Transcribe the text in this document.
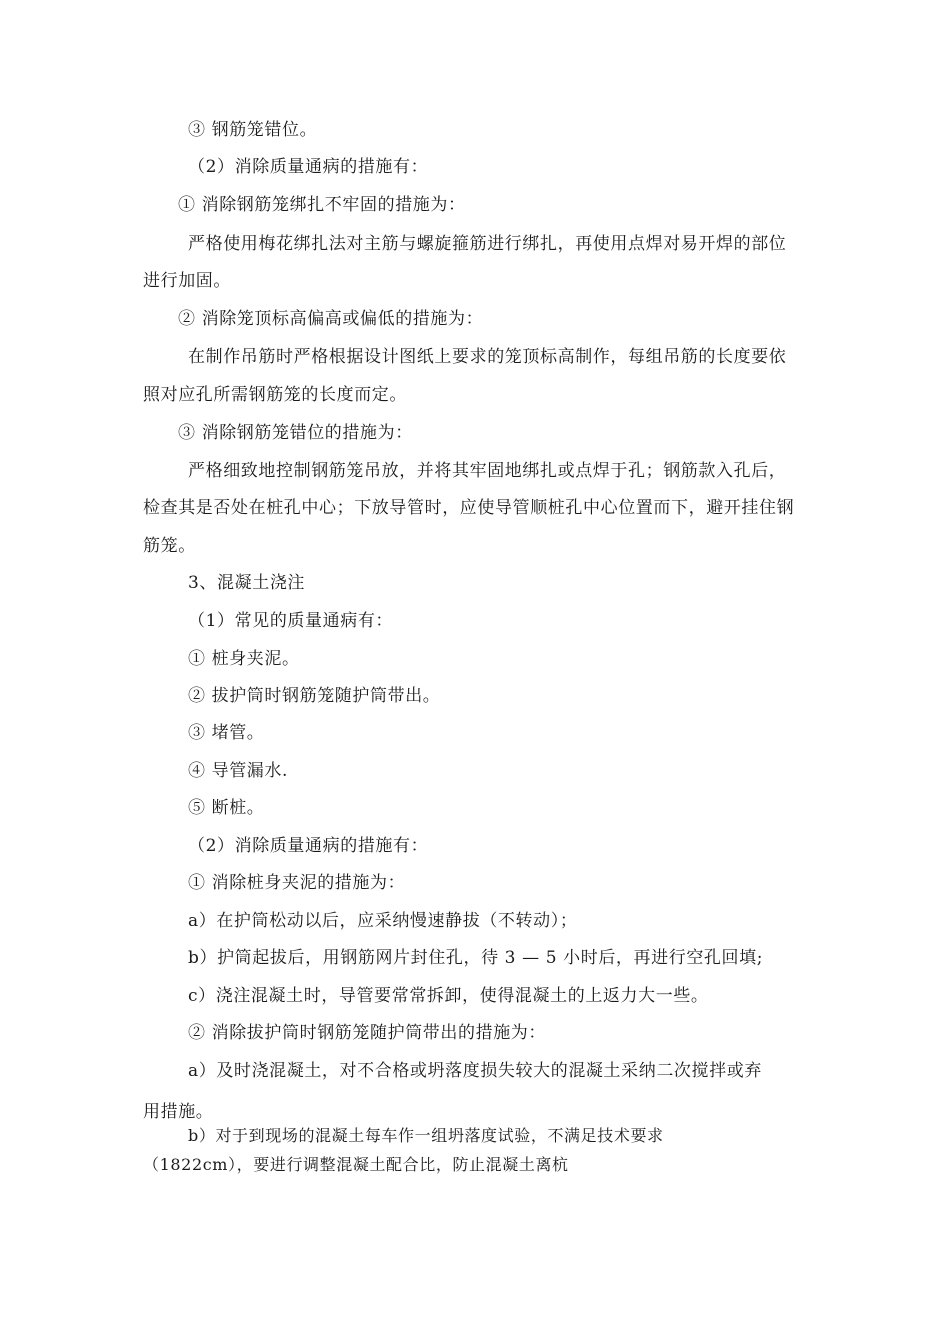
③ 钢筋笼错位。

（2）消除质量通病的措施有：

① 消除钢筋笼绑扎不牢固的措施为：

严格使用梅花绑扎法对主筋与螺旋箍筋进行绑扎，再使用点焊对易开焊的部位

进行加固。

② 消除笼顶标高偏高或偏低的措施为：

在制作吊筋时严格根据设计图纸上要求的笼顶标高制作，每组吊筋的长度要依

照对应孔所需钢筋笼的长度而定。

③ 消除钢筋笼错位的措施为：

严格细致地控制钢筋笼吊放，并将其牢固地绑扎或点焊于孔；钢筋款入孔后，

检查其是否处在桩孔中心；下放导管时，应使导管顺桩孔中心位置而下，避开挂住钢

筋笼。

3、混凝土浇注

（1）常见的质量通病有：

① 桩身夹泥。

② 拔护筒时钢筋笼随护筒带出。

③ 堵管。

④ 导管漏水.

⑤ 断桩。

（2）消除质量通病的措施有：

① 消除桩身夹泥的措施为：

a）在护筒松动以后，应采纳慢速静拔（不转动）；

b）护筒起拔后，用钢筋网片封住孔，待 3 — 5 小时后，再进行空孔回填;

c）浇注混凝土时，导管要常常拆卸，使得混凝土的上返力大一些。

② 消除拔护筒时钢筋笼随护筒带出的措施为：

a）及时浇混凝土，对不合格或坍落度损失较大的混凝土采纳二次搅拌或弃

用措施。

b）对于到现场的混凝土每车作一组坍落度试验，不满足技术要求

（1822cm），要进行调整混凝土配合比，防止混凝土离杭
